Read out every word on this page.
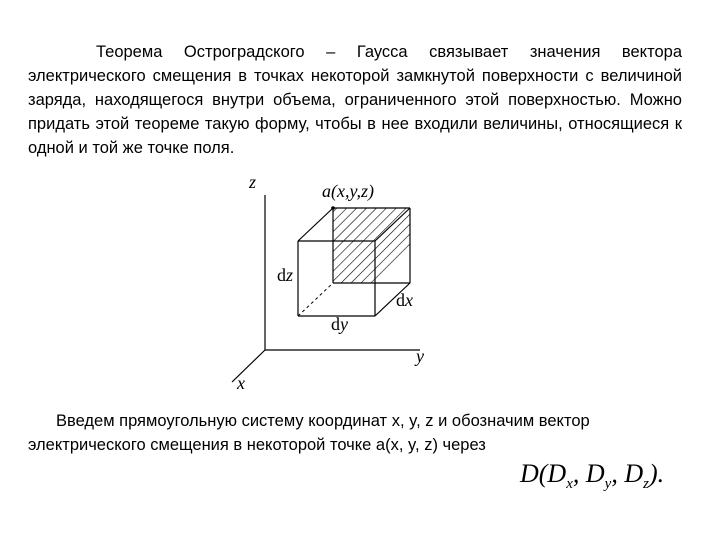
Теорема Остроградского – Гаусса связывает значения вектора электрического смещения в точках некоторой замкнутой поверхности с величиной заряда, находящегося внутри объема, ограниченного этой поверхностью. Можно придать этой теореме такую форму, чтобы в нее входили величины, относящиеся к одной и той же точке поля.

z
y
x
a(x,y,z)
dz
dx
dy

Введем прямоугольную систему координат x, y, z и обозначим вектор
электрического смещения в некоторой точке a(x, y, z) через

$D(D_x$, $D_y$, $D_z$).
